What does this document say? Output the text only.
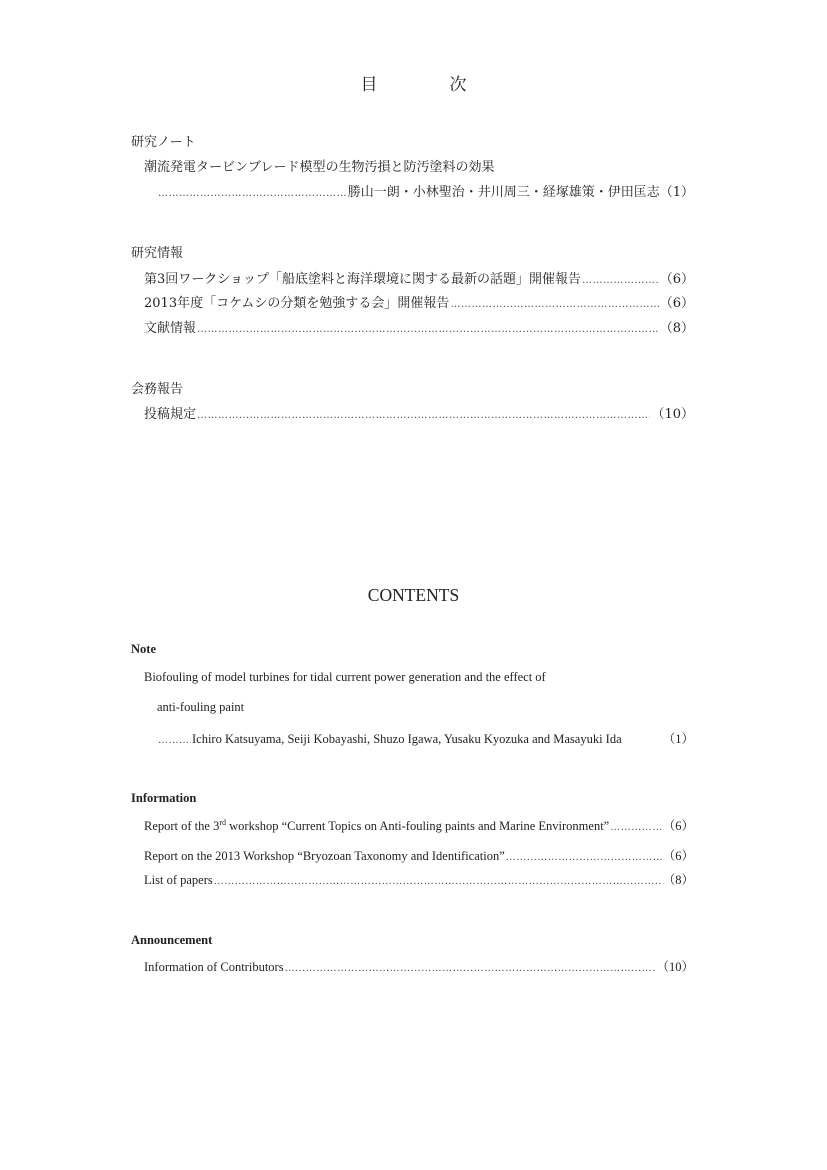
目	次
研究ノート
潮流発電タービンブレード模型の生物汚損と防汚塗料の効果
…………………………………………………………………………………………………………………………………………………………………………………………………………………………………………………………
勝山一朗・小林聖治・井川周三・経塚雄策・伊田匡志 （1）
研究情報
第3回ワークショップ「船底塗料と海洋環境に関する最新の話題」開催報告 …………………………………………………………………………………………………………………………………………………………………………………………………………………………………………………………	（6）
2013年度「コケムシの分類を勉強する会」開催報告 …………………………………………………………………………………………………………………………………………………………………………………………………………………………………………………………	（6）
文献情報 …………………………………………………………………………………………………………………………………………………………………………………………………………………………………………………………	（8）
会務報告
投稿規定 …………………………………………………………………………………………………………………………………………………………………………………………………………………………………………………………	（10）
CONTENTS
Note
Biofouling of model turbines for tidal current power generation and the effect of
anti-fouling paint
…………………………………………………………………………………………………………………………………………………………………………………………………………………………………………………………
Ichiro Katsuyama, Seiji Kobayashi, Shuzo Igawa, Yusaku Kyozuka and Masayuki Ida	（1）
Information
Report of the 3rd workshop “Current Topics on Anti-fouling paints and Marine Environment” …………………………………………………………………………………………………………………………………………………………………………………………………………………………………………………………	（6）
Report on the 2013 Workshop “Bryozoan Taxonomy and Identification” …………………………………………………………………………………………………………………………………………………………………………………………………………………………………………………………	（6）
List of papers …………………………………………………………………………………………………………………………………………………………………………………………………………………………………………………………	（8）
Announcement
Information of Contributors …………………………………………………………………………………………………………………………………………………………………………………………………………………………………………………………	（10）
